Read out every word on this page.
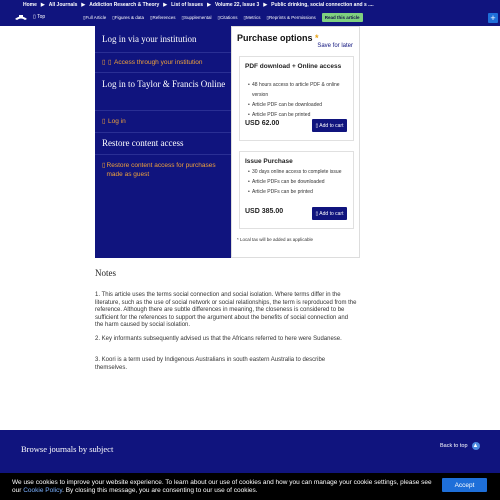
Home ▶ All Journals ▶ Addiction Research & Theory ▶ List of Issues ▶ Volume 22, Issue 3 ▶ Public drinking, social connection and s ....
▯ Top	▯Full Article ▯Figures & data ▯References ▯Supplemental ▯Citations ▯Metrics ▯Reprints & Permissions	Read this article	+
Log in via your institution
▯ ▯ Access through your institution
Log in to Taylor & Francis Online
▯ Log in
Restore content access
▯ Restore content access for purchases made as guest
Purchase options *
Save for later
PDF download + Online access
• 48 hours access to article PDF & online version
• Article PDF can be downloaded
• Article PDF can be printed
USD 62.00	▯ Add to cart
Issue Purchase
• 30 days online access to complete issue
• Article PDFs can be downloaded
• Article PDFs can be printed
USD 385.00	▯ Add to cart
* Local tax will be added as applicable
Notes
1. This article uses the terms social connection and social isolation. Where terms differ in the literature, such as the use of social network or social relationships, the term is reproduced from the reference. Although there are subtle differences in meaning, the closeness is considered to be sufficient for the references to support the argument about the benefits of social connection and the harm caused by social isolation.
2. Key informants subsequently advised us that the Africans referred to here were Sudanese.
3. Koori is a term used by Indigenous Australians in south eastern Australia to describe themselves.
Browse journals by subject	Back to top ▲
We use cookies to improve your website experience. To learn about our use of cookies and how you can manage your cookie settings, please see our Cookie Policy. By closing this message, you are consenting to our use of cookies.
Accept
